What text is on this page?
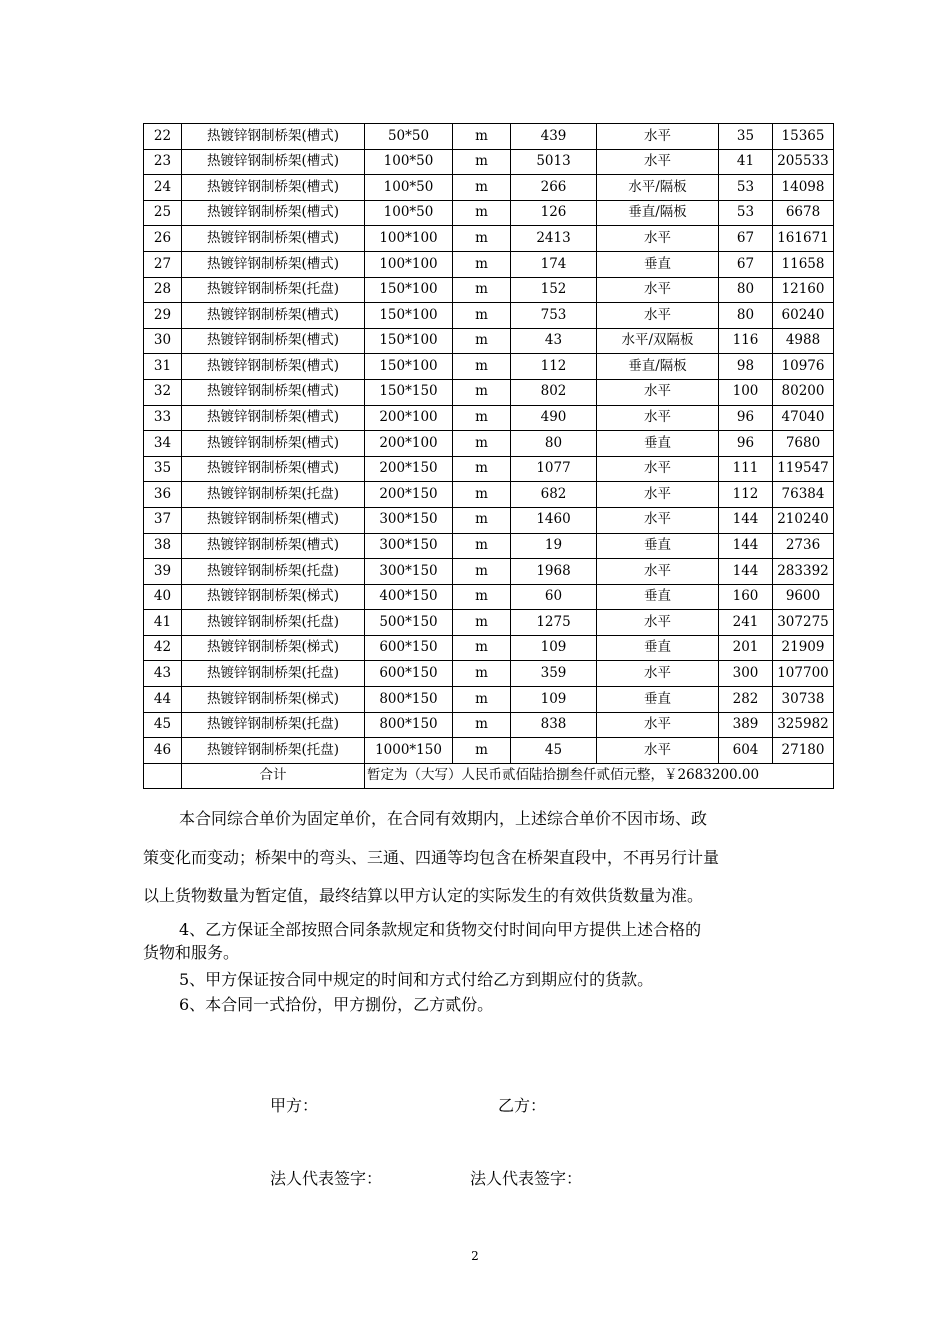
22	热镀锌钢制桥架(槽式)	50*50	m	439	水平	35	15365
23	热镀锌钢制桥架(槽式)	100*50	m	5013	水平	41	205533
24	热镀锌钢制桥架(槽式)	100*50	m	266	水平/隔板	53	14098
25	热镀锌钢制桥架(槽式)	100*50	m	126	垂直/隔板	53	6678
26	热镀锌钢制桥架(槽式)	100*100	m	2413	水平	67	161671
27	热镀锌钢制桥架(槽式)	100*100	m	174	垂直	67	11658
28	热镀锌钢制桥架(托盘)	150*100	m	152	水平	80	12160
29	热镀锌钢制桥架(槽式)	150*100	m	753	水平	80	60240
30	热镀锌钢制桥架(槽式)	150*100	m	43	水平/双隔板	116	4988
31	热镀锌钢制桥架(槽式)	150*100	m	112	垂直/隔板	98	10976
32	热镀锌钢制桥架(槽式)	150*150	m	802	水平	100	80200
33	热镀锌钢制桥架(槽式)	200*100	m	490	水平	96	47040
34	热镀锌钢制桥架(槽式)	200*100	m	80	垂直	96	7680
35	热镀锌钢制桥架(槽式)	200*150	m	1077	水平	111	119547
36	热镀锌钢制桥架(托盘)	200*150	m	682	水平	112	76384
37	热镀锌钢制桥架(槽式)	300*150	m	1460	水平	144	210240
38	热镀锌钢制桥架(槽式)	300*150	m	19	垂直	144	2736
39	热镀锌钢制桥架(托盘)	300*150	m	1968	水平	144	283392
40	热镀锌钢制桥架(梯式)	400*150	m	60	垂直	160	9600
41	热镀锌钢制桥架(托盘)	500*150	m	1275	水平	241	307275
42	热镀锌钢制桥架(梯式)	600*150	m	109	垂直	201	21909
43	热镀锌钢制桥架(托盘)	600*150	m	359	水平	300	107700
44	热镀锌钢制桥架(梯式)	800*150	m	109	垂直	282	30738
45	热镀锌钢制桥架(托盘)	800*150	m	838	水平	389	325982
46	热镀锌钢制桥架(托盘)	1000*150	m	45	水平	604	27180
	合计	暂定为（大写）人民币贰佰陆拾捌叁仟贰佰元整，￥2683200.00					

本合同综合单价为固定单价，在合同有效期内，上述综合单价不因市场、政

策变化而变动；桥架中的弯头、三通、四通等均包含在桥架直段中，不再另行计量

以上货物数量为暂定值，最终结算以甲方认定的实际发生的有效供货数量为准。

4、乙方保证全部按照合同条款规定和货物交付时间向甲方提供上述合格的

货物和服务。

5、甲方保证按合同中规定的时间和方式付给乙方到期应付的货款。

6、本合同一式拾份，甲方捌份，乙方贰份。

甲方：	乙方：

法人代表签字：	法人代表签字：

2
